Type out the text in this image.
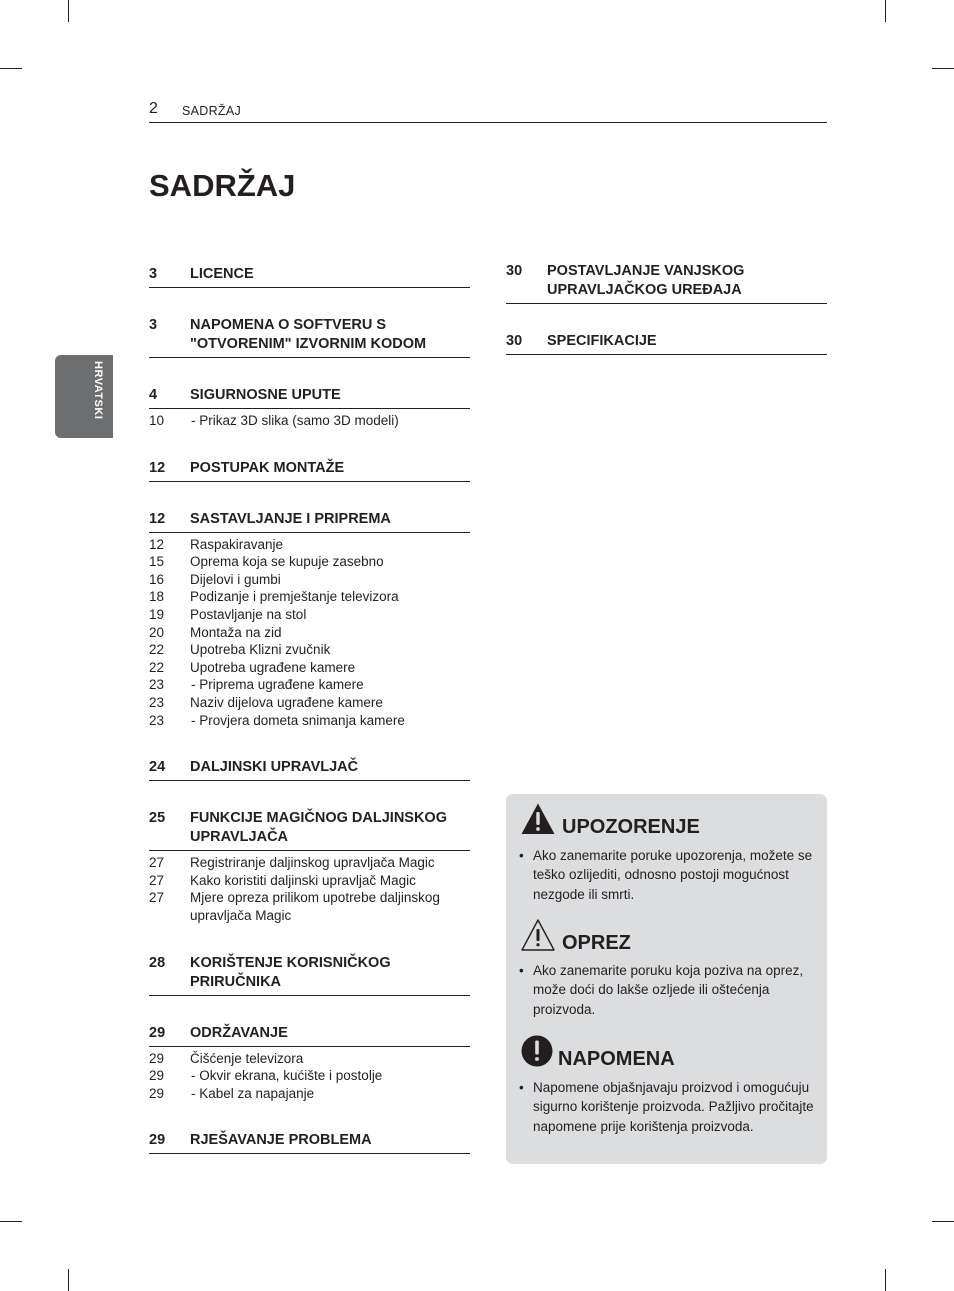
2 SADRŽAJ
SADRŽAJ
HRVATSKI
3 LICENCE
3 NAPOMENA O SOFTVERU S "OTVORENIM" IZVORNIM KODOM
4 SIGURNOSNE UPUTE
10 - Prikaz 3D slika (samo 3D modeli)
12 POSTUPAK MONTAŽE
12 SASTAVLJANJE I PRIPREMA
12 Raspakiravanje
15 Oprema koja se kupuje zasebno
16 Dijelovi i gumbi
18 Podizanje i premještanje televizora
19 Postavljanje na stol
20 Montaža na zid
22 Upotreba Klizni zvučnik
22 Upotreba ugrađene kamere
23 - Priprema ugrađene kamere
23 Naziv dijelova ugrađene kamere
23 - Provjera dometa snimanja kamere
24 DALJINSKI UPRAVLJAČ
25 FUNKCIJE MAGIČNOG DALJINSKOG UPRAVLJAČA
27 Registriranje daljinskog upravljača Magic
27 Kako koristiti daljinski upravljač Magic
27 Mjere opreza prilikom upotrebe daljinskog upravljača Magic
28 KORIŠTENJE KORISNIČKOG PRIRUČNIKA
29 ODRŽAVANJE
29 Čišćenje televizora
29 - Okvir ekrana, kućište i postolje
29 - Kabel za napajanje
29 RJEŠAVANJE PROBLEMA
30 POSTAVLJANJE VANJSKOG UPRAVLJAČKOG UREĐAJA
30 SPECIFIKACIJE
UPOZORENJE
• Ako zanemarite poruke upozorenja, možete se teško ozlijediti, odnosno postoji mogućnost nezgode ili smrti.
OPREZ
• Ako zanemarite poruku koja poziva na oprez, može doći do lakše ozljede ili oštećenja proizvoda.
NAPOMENA
• Napomene objašnjavaju proizvod i omogućuju sigurno korištenje proizvoda. Pažljivo pročitajte napomene prije korištenja proizvoda.
